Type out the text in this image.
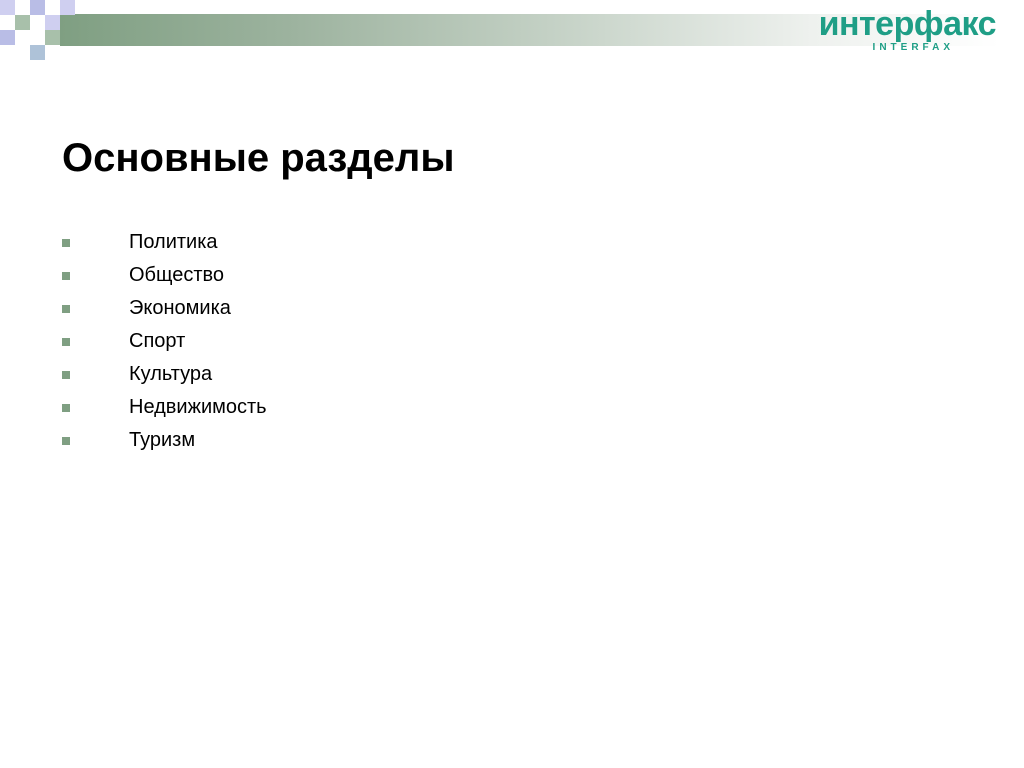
интерфакс
INTERFAX
Основные разделы
Политика
Общество
Экономика
Спорт
Культура
Недвижимость
Туризм
